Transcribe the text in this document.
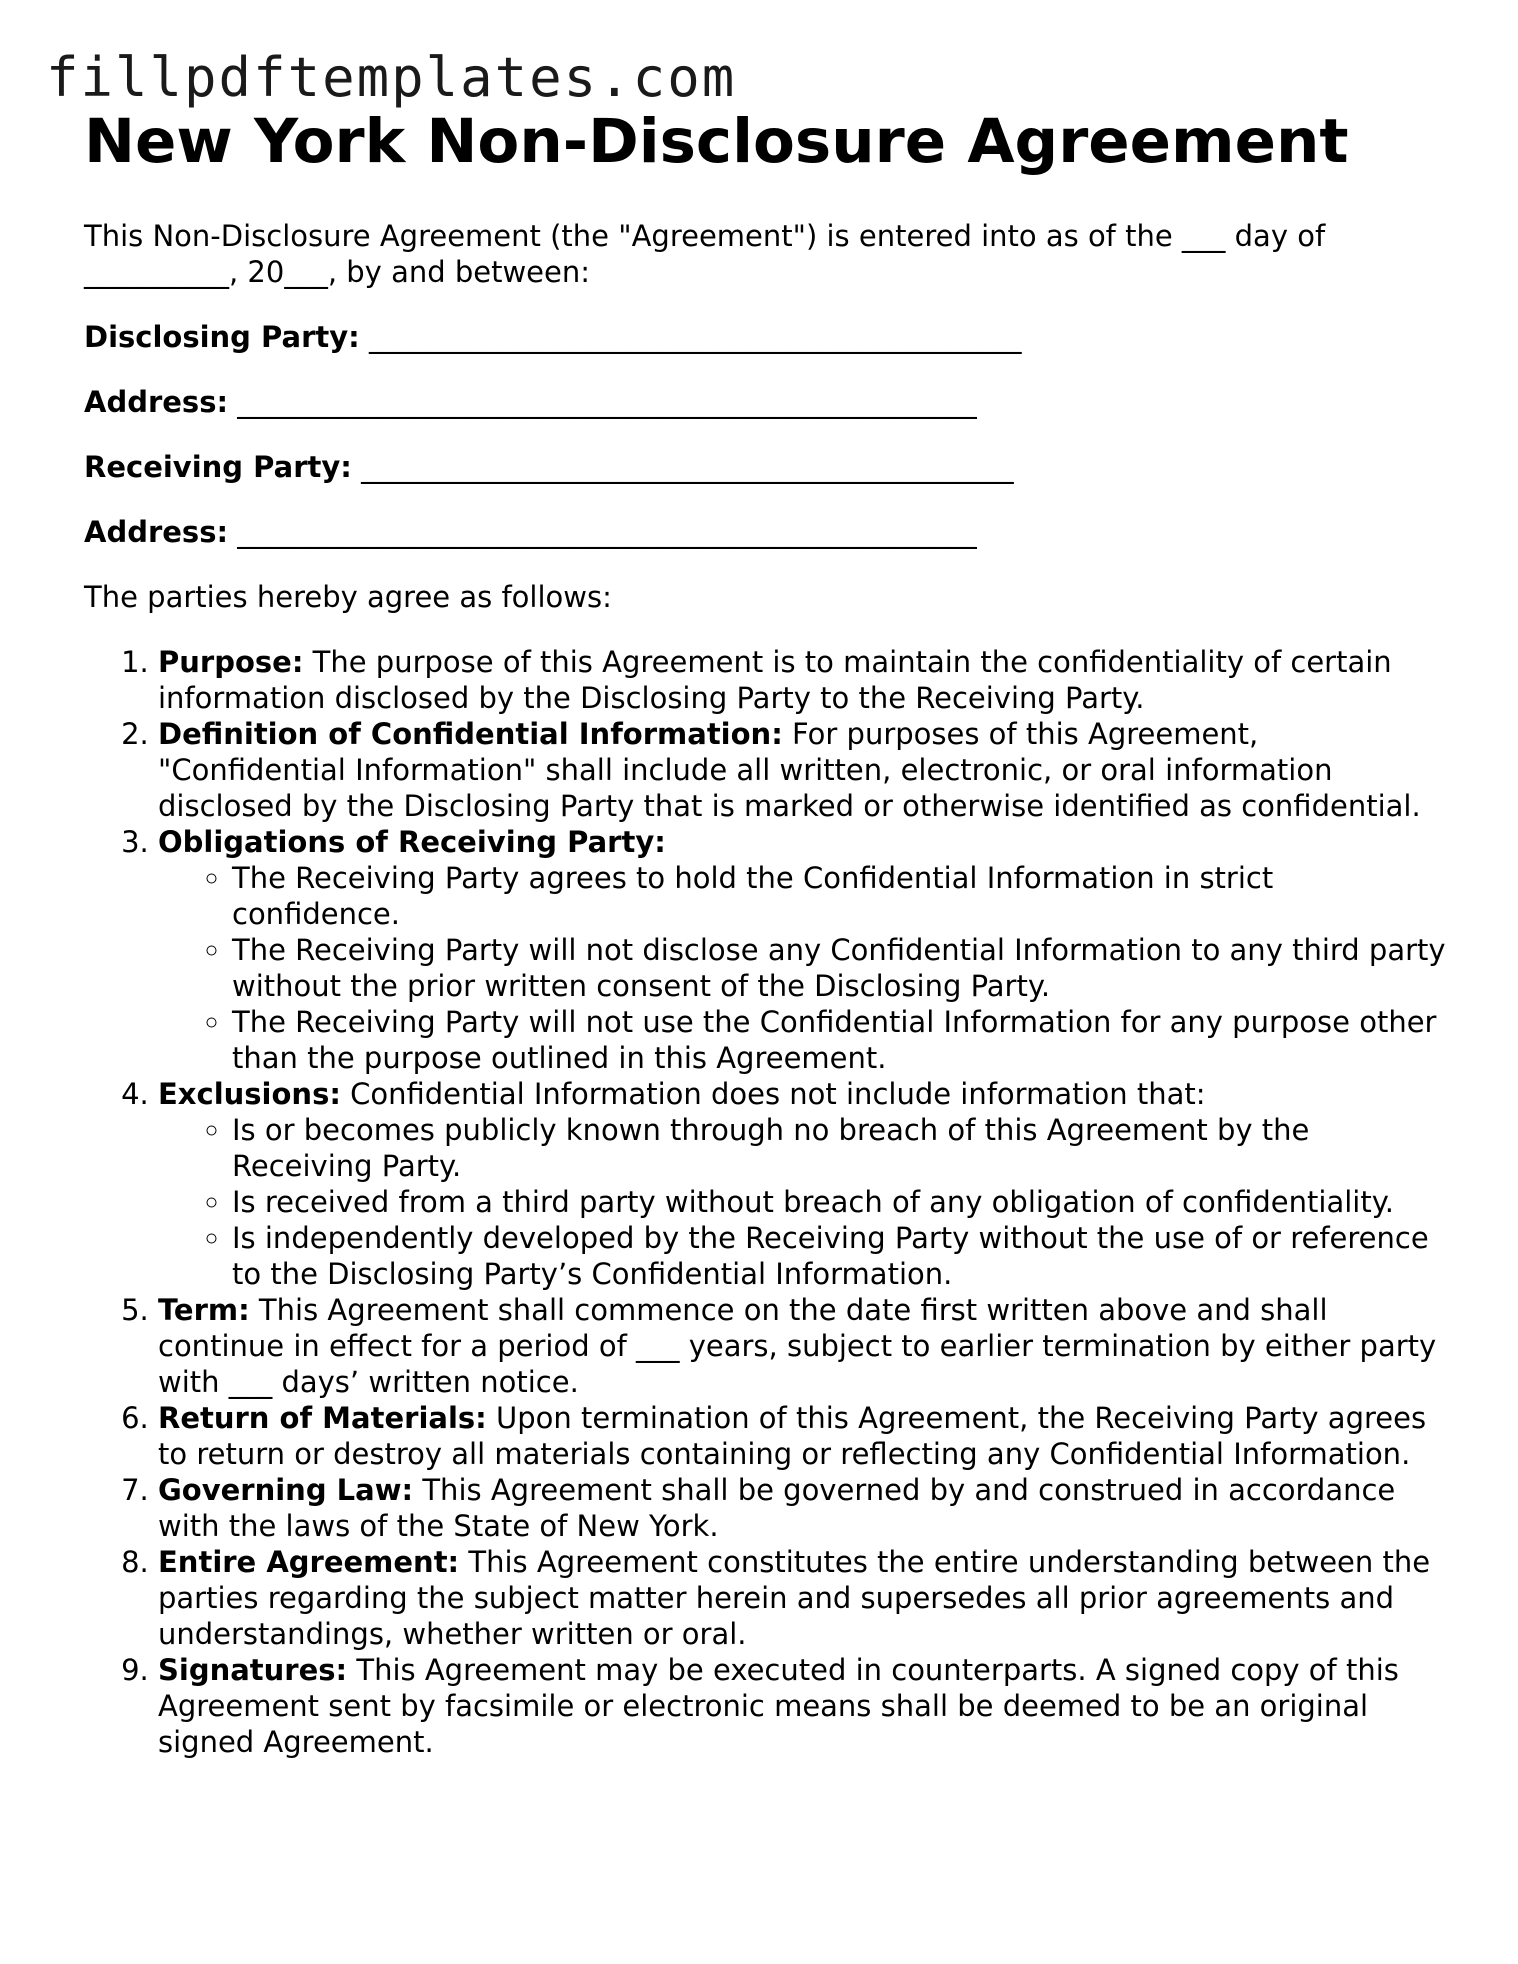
fillpdftemplates.com
New York Non-Disclosure Agreement
This Non-Disclosure Agreement (the "Agreement") is entered into as of the ___ day of __________, 20___, by and between:
Disclosing Party: _____________________________________________
Address: ___________________________________________________
Receiving Party: _____________________________________________
Address: ___________________________________________________
The parties hereby agree as follows:
1. Purpose: The purpose of this Agreement is to maintain the confidentiality of certain information disclosed by the Disclosing Party to the Receiving Party.
2. Definition of Confidential Information: For purposes of this Agreement, "Confidential Information" shall include all written, electronic, or oral information disclosed by the Disclosing Party that is marked or otherwise identified as confidential.
3. Obligations of Receiving Party:
◦ The Receiving Party agrees to hold the Confidential Information in strict confidence.
◦ The Receiving Party will not disclose any Confidential Information to any third party without the prior written consent of the Disclosing Party.
◦ The Receiving Party will not use the Confidential Information for any purpose other than the purpose outlined in this Agreement.
4. Exclusions: Confidential Information does not include information that:
◦ Is or becomes publicly known through no breach of this Agreement by the Receiving Party.
◦ Is received from a third party without breach of any obligation of confidentiality.
◦ Is independently developed by the Receiving Party without the use of or reference to the Disclosing Party’s Confidential Information.
5. Term: This Agreement shall commence on the date first written above and shall continue in effect for a period of ___ years, subject to earlier termination by either party with ___ days’ written notice.
6. Return of Materials: Upon termination of this Agreement, the Receiving Party agrees to return or destroy all materials containing or reflecting any Confidential Information.
7. Governing Law: This Agreement shall be governed by and construed in accordance with the laws of the State of New York.
8. Entire Agreement: This Agreement constitutes the entire understanding between the parties regarding the subject matter herein and supersedes all prior agreements and understandings, whether written or oral.
9. Signatures: This Agreement may be executed in counterparts. A signed copy of this Agreement sent by facsimile or electronic means shall be deemed to be an original signed Agreement.
